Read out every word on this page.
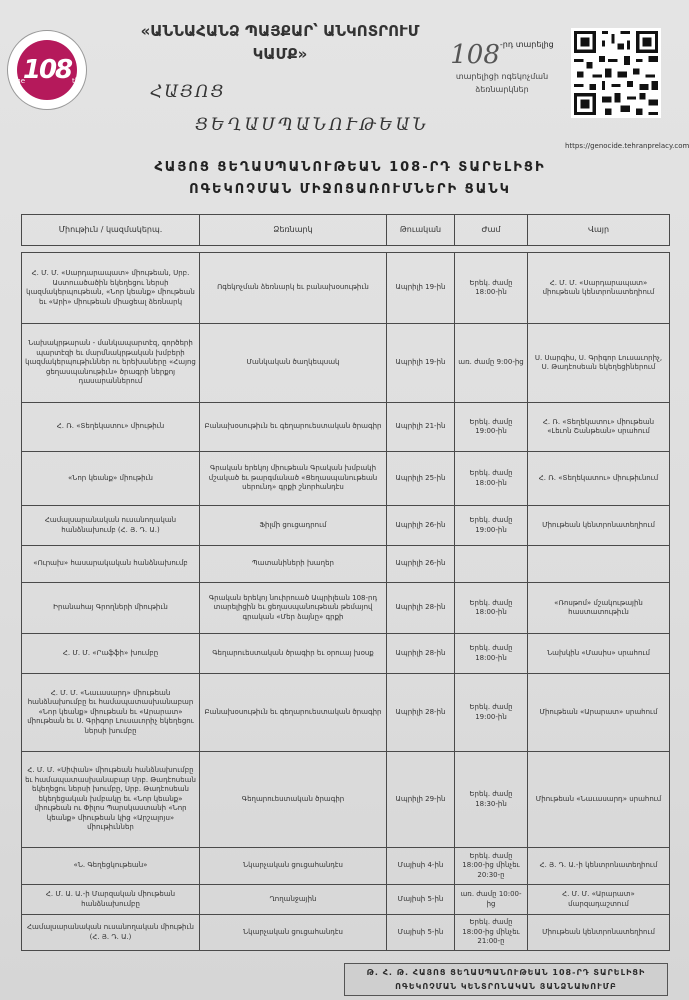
108
The	th
«ԱՆՆԱՀԱՆՁ ՊԱՅՔԱՐ՝ ԱՆԿՈՏՐՈՒՄ ԿԱՄՔ»
ՀԱՅՈՑ
ՑԵՂԱՍՊԱՆՈՒԹԵԱՆ
$108^{-րդ տարելից}$
տարելիցի ոգեկոչման
ձեռնարկներ
https://genocide.tehranprelacy.com
ՀԱՅՈՑ ՑԵՂԱՍՊԱՆՈՒԹԵԱՆ 108-ՐԴ ՏԱՐԵԼԻՑԻ
ՈԳԵԿՈՉՄԱՆ ՄԻՋՈՑԱՌՈՒՄՆԵՐԻ ՑԱՆԿ
Միութիւն / կազմակերպ.	Ձեռնարկ	Թուական	Ժամ	Վայր

Հ. Մ. Մ. «Սարդարապատ» միութեան, Սրբ. Աստուածածին եկեղեցու ներսի կազմակերպութեան, «Նոր կեանք» միութեան եւ «Արի» միութեան միացեալ ձեռնարկ	Ոգեկոչման ձեռնարկ եւ բանախօսութիւն	Ապրիլի 19-ին	Երեկ. ժամը 18:00-ին	Հ. Մ. Մ. «Սարդարապատ» միութեան կենտրոնատեղիում
Նախակրթարան - մանկապարտէզ, գործերի պարտէզի եւ մարմնակրթական խմբերի կազմակերպութիւններ ու երեխաները «Հայոց ցեղասպանութիւն» ծրագրի ներքոյ դասարաններում	Մանկական ծաղկեպսակ	Ապրիլի 19-ին	առ. ժամը 9:00-ից	Ս. Սարգիս, Ս. Գրիգոր Լուսաւորիչ, Ս. Թադէոսեան եկեղեցիներում
Հ. Ռ. «Տեղեկատու» միութիւն	Բանախօսութիւն եւ գեղարուեստական ծրագիր	Ապրիլի 21-ին	Երեկ. ժամը 19:00-ին	Հ. Ռ. «Տեղեկատու» միութեան «Լեւոն Շանթեան» սրահում
«Նոր կեանք» միութիւն	Գրական երեկոյ միութեան Գրական խմբակի մշակած եւ թարգմանած «Ցեղասպանութեան սերունդ» գրքի շնորհանդէս	Ապրիլի 25-ին	Երեկ. ժամը 18:00-ին	Հ. Ռ. «Տեղեկատու» միութիւնում
Համալսարանական ուսանողական հանձնախումբ (Հ. Յ. Դ. Ա.)	Ֆիլմի ցուցադրում	Ապրիլի 26-ին	Երեկ. ժամը 19:00-ին	Միութեան կենտրոնատեղիում
«Ուրախ» հասարակական հանձնախումբ	Պատանիների խաղեր	Ապրիլի 26-ին		
Իրանահայ Գրողների միութիւն	Գրական երեկոյ նուիրուած Ապրիլեան 108-րդ տարելիցին եւ ցեղասպանութեան թեմայով գրական «Մեր ձայնը» գրքի	Ապրիլի 28-ին	Երեկ. ժամը 18:00-ին	«Ռոսթոմ» մշակութային հաստատութիւն
Հ. Մ. Մ. «Րաֆֆի» խումբը	Գեղարուեստական ծրագիր եւ օրուայ խօսք	Ապրիլի 28-ին	Երեկ. ժամը 18:00-ին	Նախկին «Մասիս» սրահում
Հ. Մ. Մ. «Նաւասարդ» միութեան հանձնախումբը եւ համապատասխանաբար «Նոր կեանք» միութեան եւ «Արարատ» միութեան եւ Ս. Գրիգոր Լուսաւորիչ եկեղեցու ներսի խումբը	Բանախօսութիւն եւ գեղարուեստական ծրագիր	Ապրիլի 28-ին	Երեկ. ժամը 19:00-ին	Միութեան «Արարատ» սրահում
Հ. Մ. Մ. «Սիփան» միութեան հանձնախումբը եւ համապատասխանաբար Սրբ. Թադէոսեան եկեղեցու ներսի խումբը, Սրբ. Թադէոսեան եկեղեցական խմբակը եւ «Նոր կեանք» միութեան ու Փիլոս Պարսկաստանի «Նոր կեանք» միութեան կից «Արշալոյս» միութիւններ	Գեղարուեստական ծրագիր	Ապրիլի 29-ին	Երեկ. ժամը 18:30-ին	Միութեան «Նաւասարդ» սրահում
«Ն. Գեղեցկութեան»	Նկարչական ցուցահանդէս	Մայիսի 4-ին	Երեկ. ժամը 18:00-ից մինչեւ 20:30-ը	Հ. Յ. Դ. Ա.-ի կենտրոնատեղիում
Հ. Մ. Ա. Ա.-ի Մարզական միութեան հանձնախումբը	Ղողանջային	Մայիսի 5-ին	առ. ժամը 10:00-ից	Հ. Մ. Մ. «Արարատ» մարզադաշտում
Համալսարանական ուսանողական միութիւն (Հ. Յ. Դ. Ա.)	Նկարչական ցուցահանդէս	Մայիսի 5-ին	Երեկ. ժամը 18:00-ից մինչեւ 21:00-ը	Միութեան կենտրոնատեղիում
Թ. Հ. Թ. ՀԱՅՈՑ ՑԵՂԱՍՊԱՆՈՒԹԵԱՆ 108-ՐԴ ՏԱՐԵԼԻՑԻ
ՈԳԵԿՈՉՄԱՆ ԿԵՆՏՐՈՆԱԿԱՆ ՅԱՆՁՆԱԽՈՒՄԲ
